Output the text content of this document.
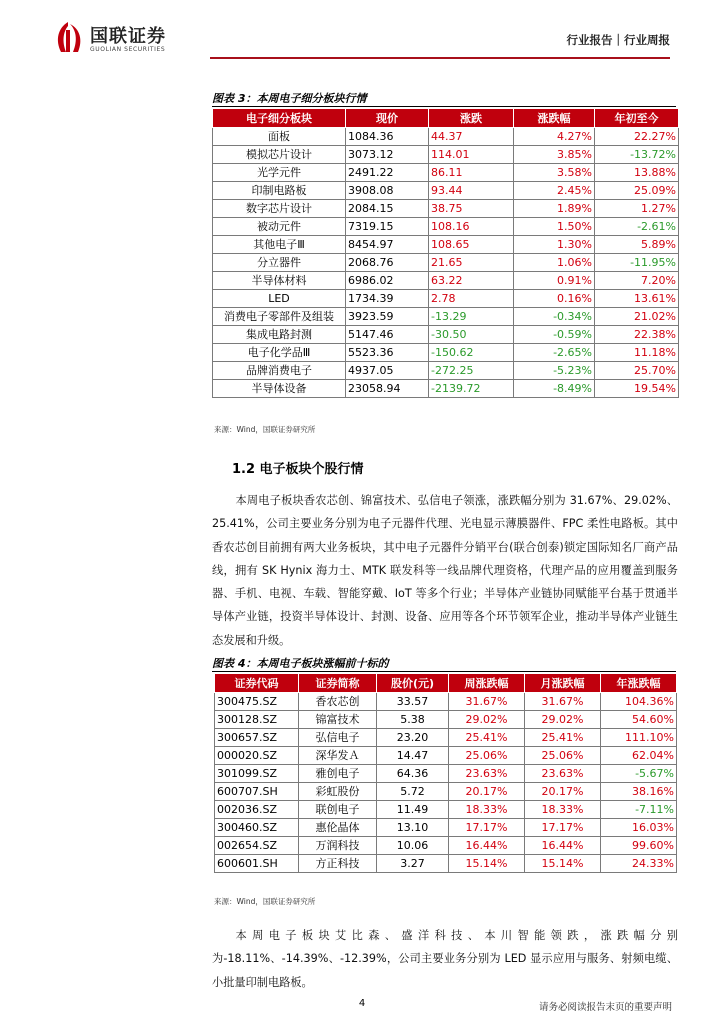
国联证券
GUOLIAN SECURITIES
行业报告｜行业周报
图表 3：本周电子细分板块行情
电子细分板块	现价	涨跌	涨跌幅	年初至今
面板	1084.36	44.37	4.27%	22.27%
模拟芯片设计	3073.12	114.01	3.85%	-13.72%
光学元件	2491.22	86.11	3.58%	13.88%
印制电路板	3908.08	93.44	2.45%	25.09%
数字芯片设计	2084.15	38.75	1.89%	1.27%
被动元件	7319.15	108.16	1.50%	-2.61%
其他电子Ⅲ	8454.97	108.65	1.30%	5.89%
分立器件	2068.76	21.65	1.06%	-11.95%
半导体材料	6986.02	63.22	0.91%	7.20%
LED	1734.39	2.78	0.16%	13.61%
消费电子零部件及组装	3923.59	-13.29	-0.34%	21.02%
集成电路封测	5147.46	-30.50	-0.59%	22.38%
电子化学品Ⅲ	5523.36	-150.62	-2.65%	11.18%
品牌消费电子	4937.05	-272.25	-5.23%	25.70%
半导体设备	23058.94	-2139.72	-8.49%	19.54%
来源：Wind，国联证券研究所
1.2 电子板块个股行情

本周电子板块香农芯创、锦富技术、弘信电子领涨，涨跌幅分别为 31.67%、29.02%、25.41%，公司主要业务分别为电子元器件代理、光电显示薄膜器件、FPC 柔性电路板。其中香农芯创目前拥有两大业务板块，其中电子元器件分销平台(联合创泰)锁定国际知名厂商产品线，拥有 SK Hynix 海力士、MTK 联发科等一线品牌代理资格，代理产品的应用覆盖到服务器、手机、电视、车载、智能穿戴、IoT 等多个行业；半导体产业链协同赋能平台基于贯通半导体产业链，投资半导体设计、封测、设备、应用等各个环节领军企业，推动半导体产业链生态发展和升级。

图表 4：本周电子板块涨幅前十标的
证券代码	证券简称	股价(元)	周涨跌幅	月涨跌幅	年涨跌幅
300475.SZ	香农芯创	33.57	31.67%	31.67%	104.36%
300128.SZ	锦富技术	5.38	29.02%	29.02%	54.60%
300657.SZ	弘信电子	23.20	25.41%	25.41%	111.10%
000020.SZ	深华发Ａ	14.47	25.06%	25.06%	62.04%
301099.SZ	雅创电子	64.36	23.63%	23.63%	-5.67%
600707.SH	彩虹股份	5.72	20.17%	20.17%	38.16%
002036.SZ	联创电子	11.49	18.33%	18.33%	-7.11%
300460.SZ	惠伦晶体	13.10	17.17%	17.17%	16.03%
002654.SZ	万润科技	10.06	16.44%	16.44%	99.60%
600601.SH	方正科技	3.27	15.14%	15.14%	24.33%
来源：Wind，国联证券研究所

本周电子板块艾比森、盛洋科技、本川智能领跌，涨跌幅分别为-18.11%、-14.39%、-12.39%，公司主要业务分别为 LED 显示应用与服务、射频电缆、小批量印制电路板。

4	请务必阅读报告末页的重要声明
